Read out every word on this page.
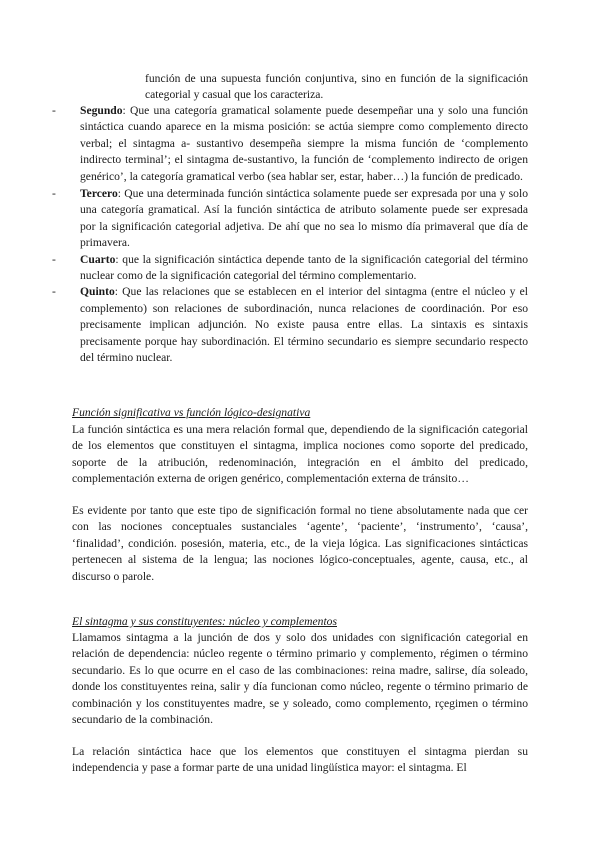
función de una supuesta función conjuntiva, sino en función de la significación categorial y casual que los caracteriza.

- Segundo: Que una categoría gramatical solamente puede desempeñar una y solo una función sintáctica cuando aparece en la misma posición: se actúa siempre como complemento directo verbal; el sintagma a- sustantivo desempeña siempre la misma función de ‘complemento indirecto terminal’; el sintagma de-sustantivo, la función de ‘complemento indirecto de origen genérico’, la categoría gramatical verbo (sea hablar ser, estar, haber…) la función de predicado.

- Tercero: Que una determinada función sintáctica solamente puede ser expresada por una y solo una categoría gramatical. Así la función sintáctica de atributo solamente puede ser expresada por la significación categorial adjetiva. De ahí que no sea lo mismo día primaveral que día de primavera.

- Cuarto: que la significación sintáctica depende tanto de la significación categorial del término nuclear como de la significación categorial del término complementario.

- Quinto: Que las relaciones que se establecen en el interior del sintagma (entre el núcleo y el complemento) son relaciones de subordinación, nunca relaciones de coordinación. Por eso precisamente implican adjunción. No existe pausa entre ellas. La sintaxis es sintaxis precisamente porque hay subordinación. El término secundario es siempre secundario respecto del término nuclear.

Función significativa vs función lógico-designativa

La función sintáctica es una mera relación formal que, dependiendo de la significación categorial de los elementos que constituyen el sintagma, implica nociones como soporte del predicado, soporte de la atribución, redenominación, integración en el ámbito del predicado, complementación externa de origen genérico, complementación externa de tránsito…

Es evidente por tanto que este tipo de significación formal no tiene absolutamente nada que cer con las nociones conceptuales sustanciales ‘agente’, ‘paciente’, ‘instrumento’, ‘causa’, ‘finalidad’, condición. posesión, materia, etc., de la vieja lógica. Las significaciones sintácticas pertenecen al sistema de la lengua; las nociones lógico-conceptuales, agente, causa, etc., al discurso o parole.

El sintagma y sus constituyentes: núcleo y complementos

Llamamos sintagma a la junción de dos y solo dos unidades con significación categorial en relación de dependencia: núcleo regente o término primario y complemento, régimen o término secundario. Es lo que ocurre en el caso de las combinaciones: reina madre, salirse, día soleado, donde los constituyentes reina, salir y día funcionan como núcleo, regente o término primario de combinación y los constituyentes madre, se y soleado, como complemento, rçegimen o término secundario de la combinación.

La relación sintáctica hace que los elementos que constituyen el sintagma pierdan su independencia y pase a formar parte de una unidad lingüística mayor: el sintagma. El
